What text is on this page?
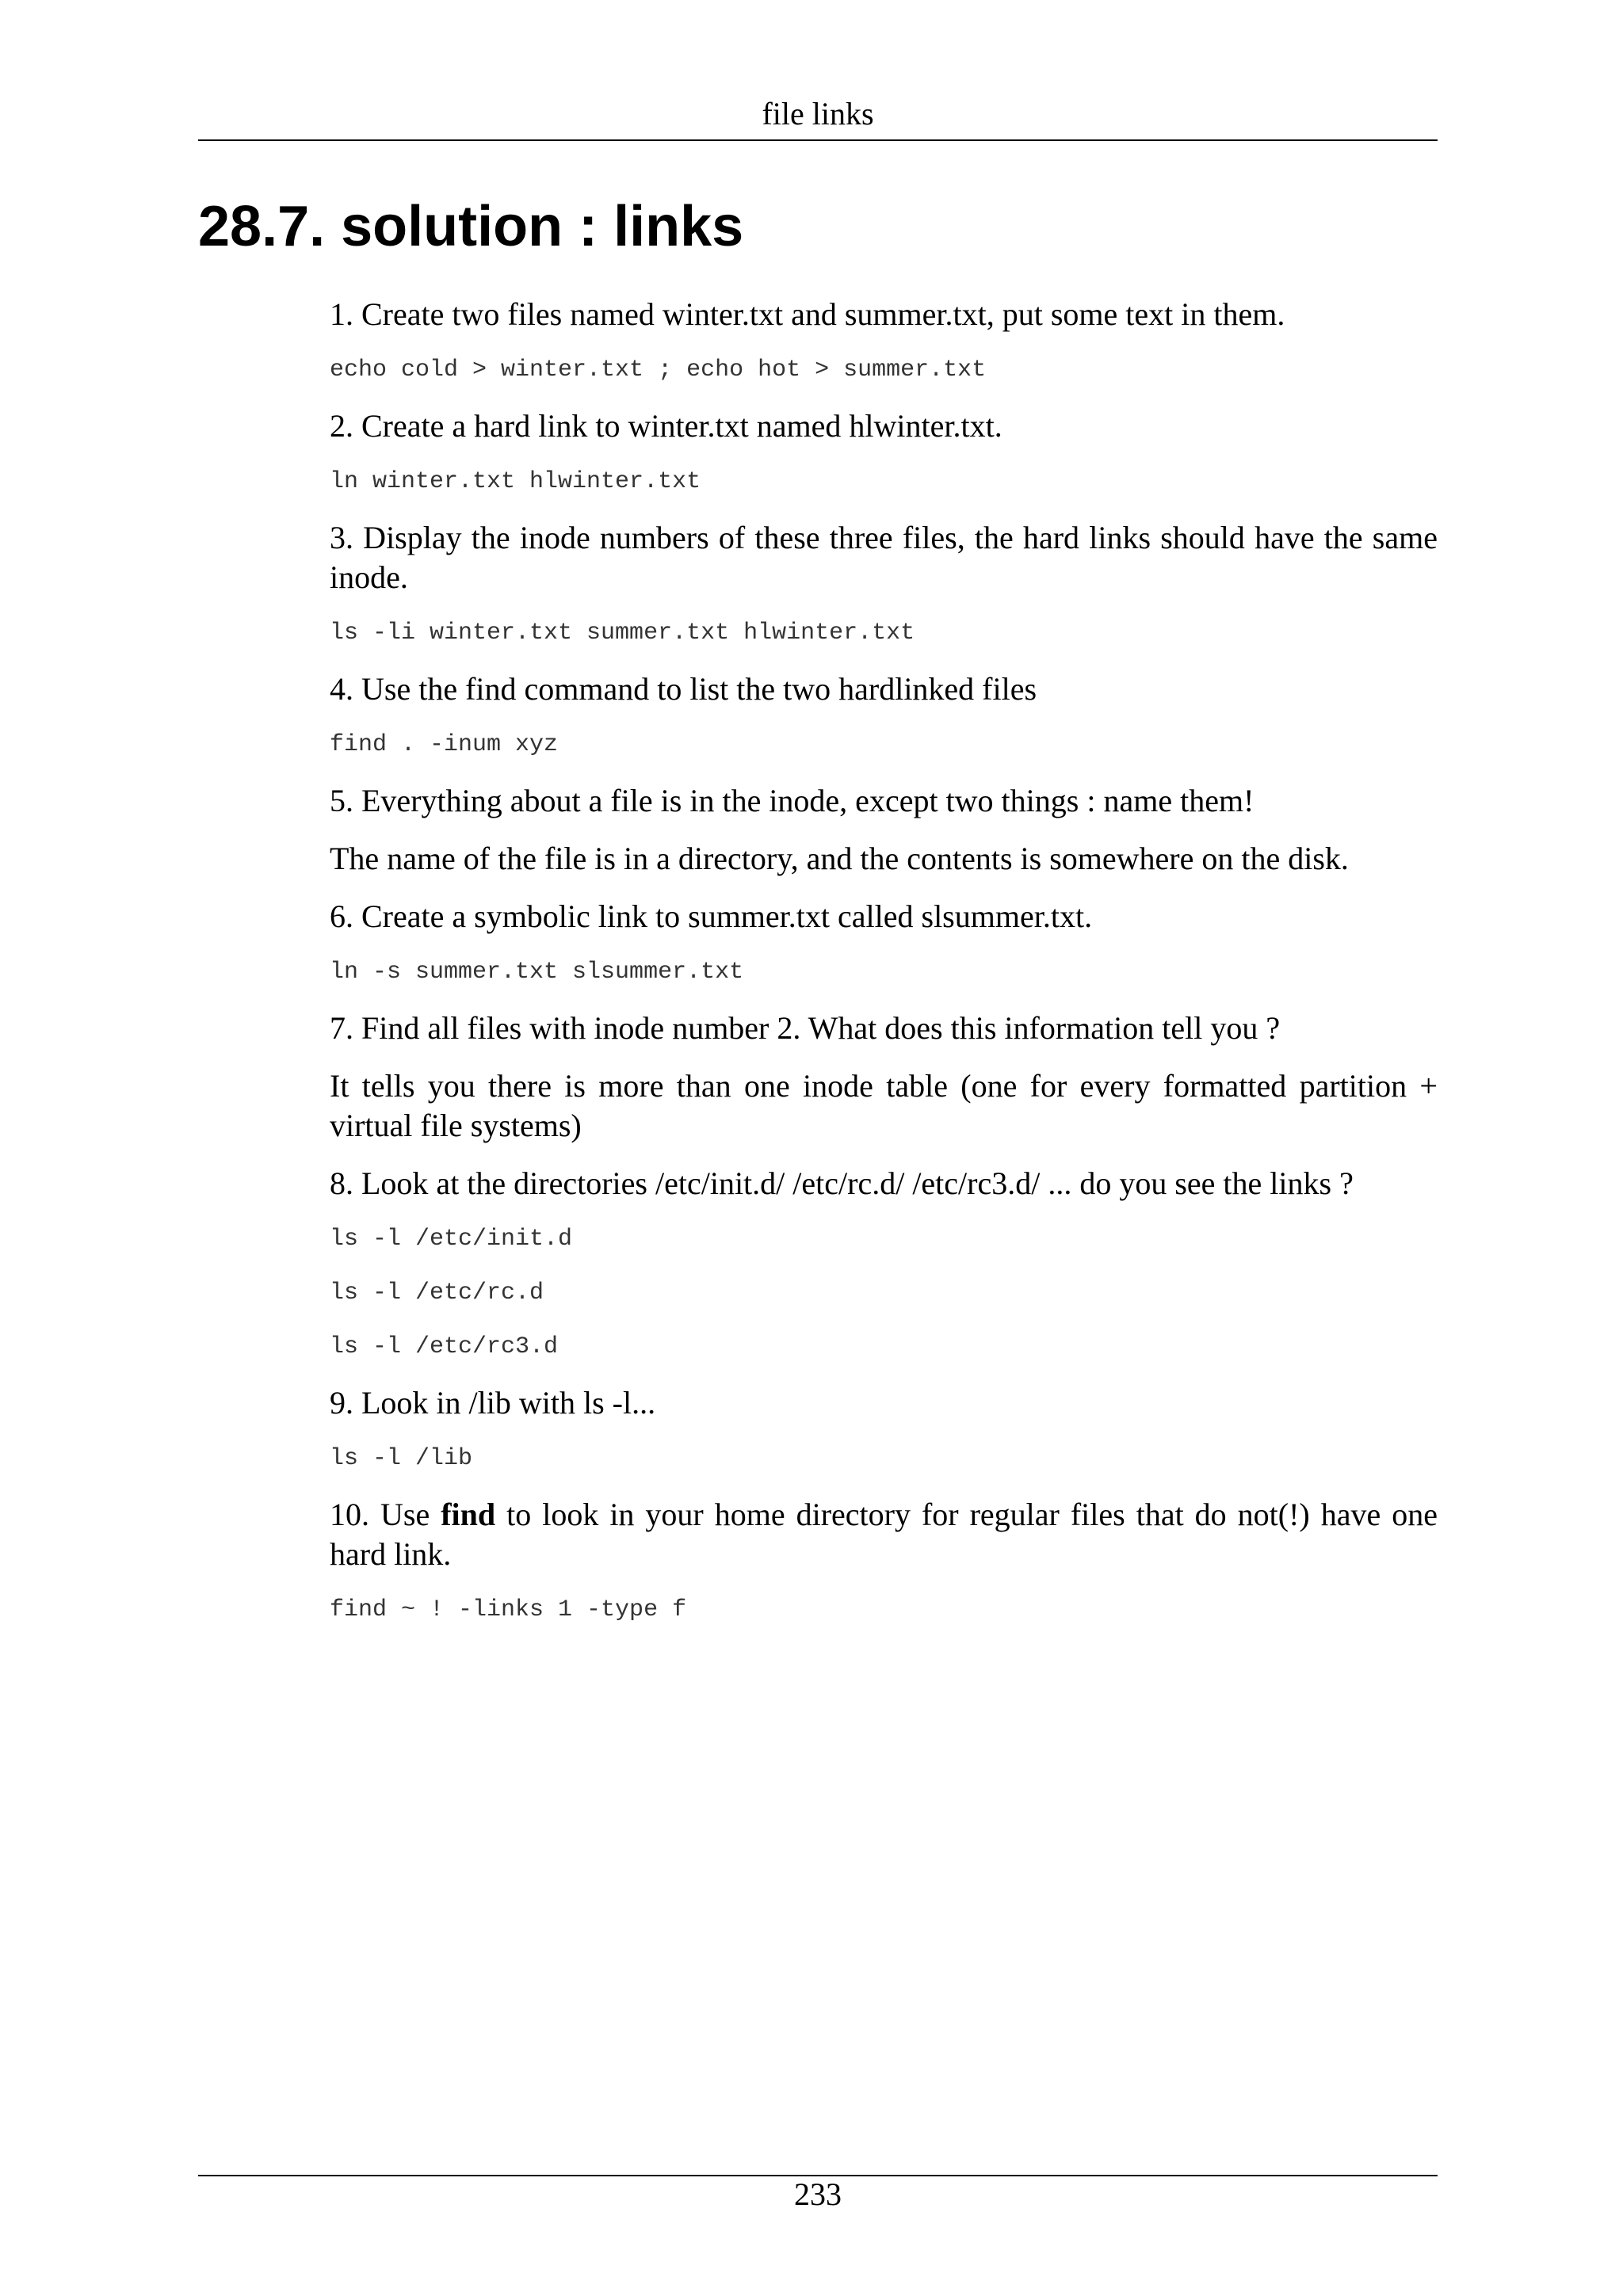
file links
28.7. solution : links

1. Create two files named winter.txt and summer.txt, put some text in them.

echo cold > winter.txt ; echo hot > summer.txt

2. Create a hard link to winter.txt named hlwinter.txt.

ln winter.txt hlwinter.txt

3. Display the inode numbers of these three files, the hard links should have the same inode.

ls -li winter.txt summer.txt hlwinter.txt

4. Use the find command to list the two hardlinked files

find . -inum xyz

5. Everything about a file is in the inode, except two things : name them!

The name of the file is in a directory, and the contents is somewhere on the disk.

6. Create a symbolic link to summer.txt called slsummer.txt.

ln -s summer.txt slsummer.txt

7. Find all files with inode number 2. What does this information tell you ?

It tells you there is more than one inode table (one for every formatted partition + virtual file systems)

8. Look at the directories /etc/init.d/ /etc/rc.d/ /etc/rc3.d/ ... do you see the links ?

ls -l /etc/init.d
ls -l /etc/rc.d
ls -l /etc/rc3.d

9. Look in /lib with ls -l...

ls -l /lib

10. Use find to look in your home directory for regular files that do not(!) have one hard link.

find ~ ! -links 1 -type f
233
